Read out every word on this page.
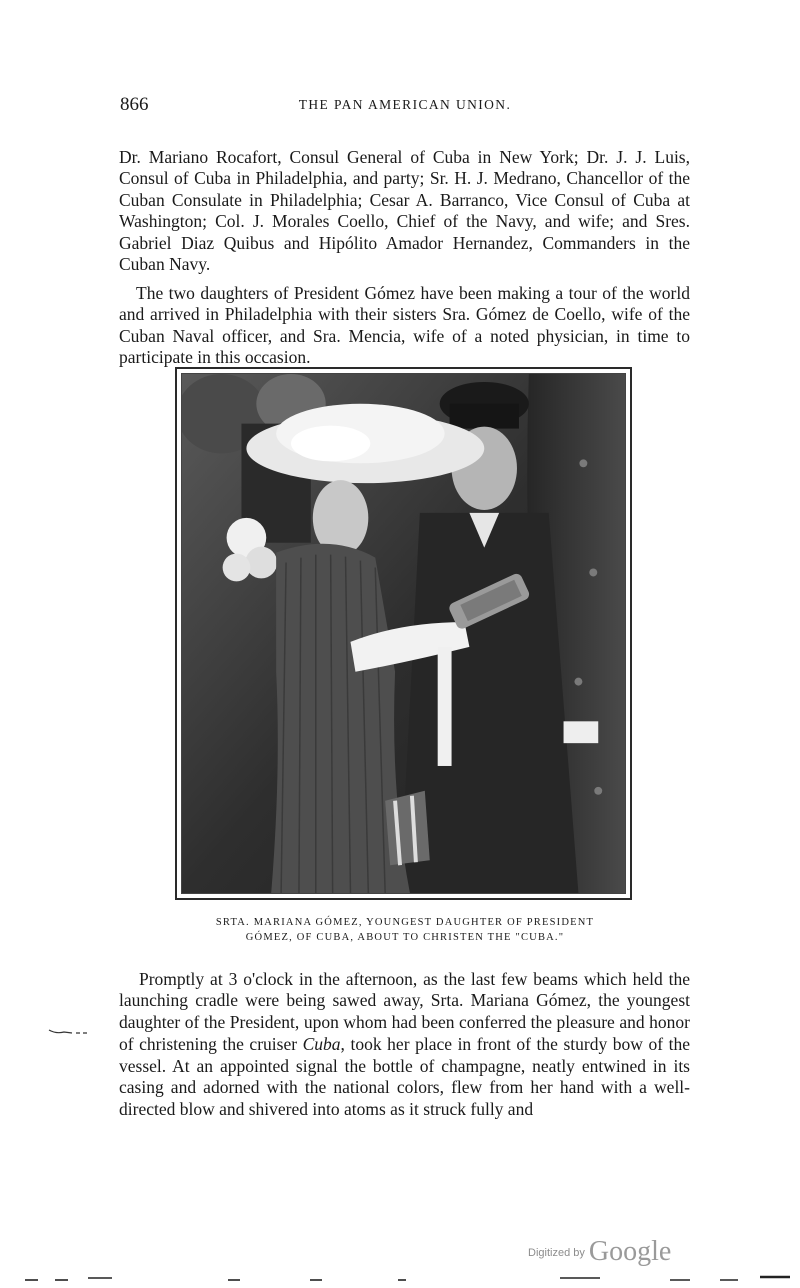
866	THE PAN AMERICAN UNION.

Dr. Mariano Rocafort, Consul General of Cuba in New York; Dr. J. J. Luis, Consul of Cuba in Philadelphia, and party; Sr. H. J. Medrano, Chancellor of the Cuban Consulate in Philadelphia; Cesar A. Barranco, Vice Consul of Cuba at Washington; Col. J. Morales Coello, Chief of the Navy, and wife; and Sres. Gabriel Diaz Quibus and Hipólito Amador Hernandez, Commanders in the Cuban Navy.

The two daughters of President Gómez have been making a tour of the world and arrived in Philadelphia with their sisters Sra. Gómez de Coello, wife of the Cuban Naval officer, and Sra. Mencia, wife of a noted physician, in time to participate in this occasion.

SRTA. MARIANA GÓMEZ, YOUNGEST DAUGHTER OF PRESIDENT
GÓMEZ, OF CUBA, ABOUT TO CHRISTEN THE "CUBA."

Promptly at 3 o'clock in the afternoon, as the last few beams which held the launching cradle were being sawed away, Srta. Mariana Gómez, the youngest daughter of the President, upon whom had been conferred the pleasure and honor of christening the cruiser Cuba, took her place in front of the sturdy bow of the vessel. At an appointed signal the bottle of champagne, neatly entwined in its casing and adorned with the national colors, flew from her hand with a well-directed blow and shivered into atoms as it struck fully and

$^{Digitized by}$ Google
